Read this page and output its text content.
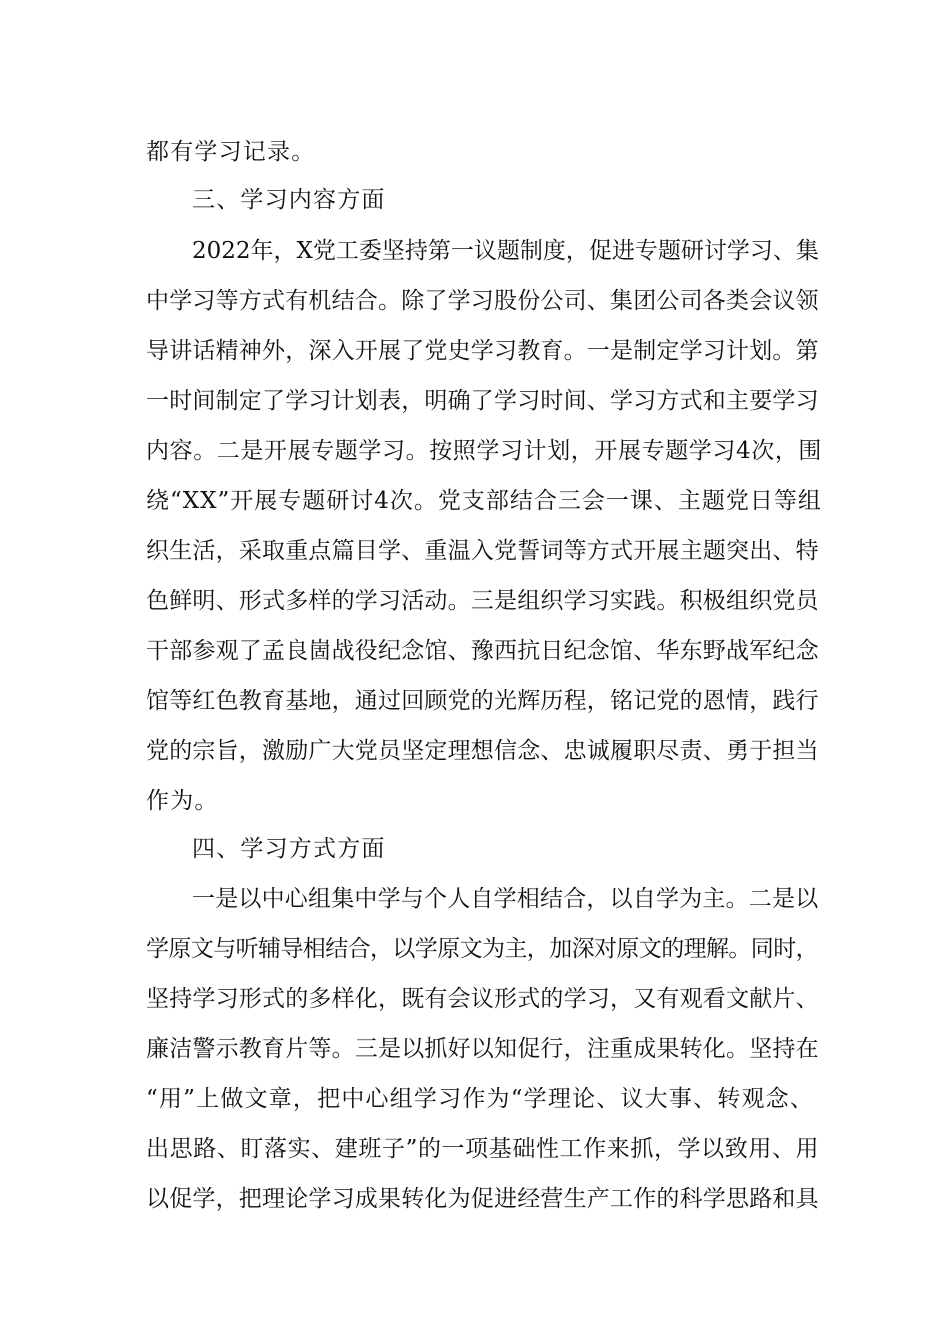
都有学习记录。
三、学习内容方面
2022年，X党工委坚持第一议题制度，促进专题研讨学习、集
中学习等方式有机结合。除了学习股份公司、集团公司各类会议领
导讲话精神外，深入开展了党史学习教育。一是制定学习计划。第
一时间制定了学习计划表，明确了学习时间、学习方式和主要学习
内容。二是开展专题学习。按照学习计划，开展专题学习4次，围
绕“XX”开展专题研讨4次。党支部结合三会一课、主题党日等组
织生活，采取重点篇目学、重温入党誓词等方式开展主题突出、特
色鲜明、形式多样的学习活动。三是组织学习实践。积极组织党员
干部参观了孟良崮战役纪念馆、豫西抗日纪念馆、华东野战军纪念
馆等红色教育基地，通过回顾党的光辉历程，铭记党的恩情，践行
党的宗旨，激励广大党员坚定理想信念、忠诚履职尽责、勇于担当
作为。
四、学习方式方面
一是以中心组集中学与个人自学相结合，以自学为主。二是以
学原文与听辅导相结合，以学原文为主，加深对原文的理解。同时，
坚持学习形式的多样化，既有会议形式的学习，又有观看文献片、
廉洁警示教育片等。三是以抓好以知促行，注重成果转化。坚持在
“用”上做文章，把中心组学习作为“学理论、议大事、转观念、
出思路、盯落实、建班子”的一项基础性工作来抓，学以致用、用
以促学，把理论学习成果转化为促进经营生产工作的科学思路和具
